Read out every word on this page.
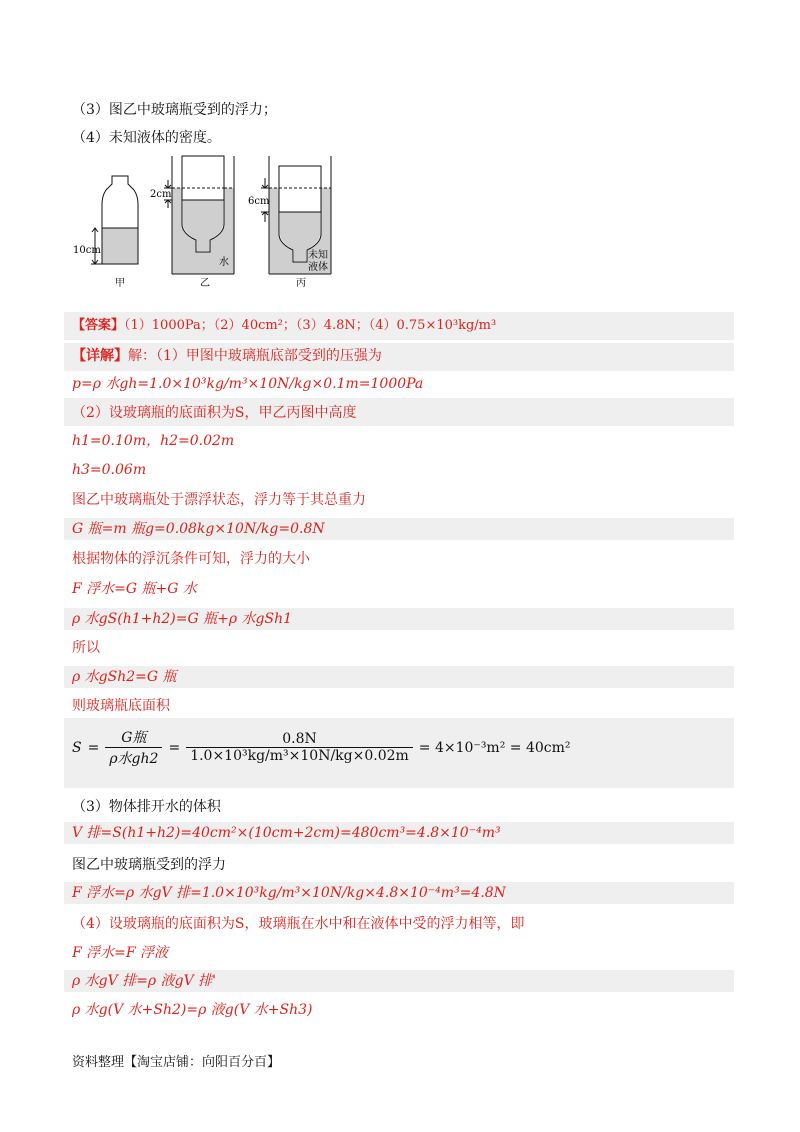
（3）图乙中玻璃瓶受到的浮力；
（4）未知液体的密度。
10cm
甲
2cm
水
乙
6cm
未知
液体
丙
【答案】（1）1000Pa；（2）40cm²；（3）4.8N；（4）0.75×10³kg/m³
【详解】解：（1）甲图中玻璃瓶底部受到的压强为
p=ρ 水gh=1.0×10³kg/m³×10N/kg×0.1m=1000Pa
（2）设玻璃瓶的底面积为S，甲乙丙图中高度
h1=0.10m，h2=0.02m
h3=0.06m
图乙中玻璃瓶处于漂浮状态，浮力等于其总重力
G 瓶=m 瓶g=0.08kg×10N/kg=0.8N
根据物体的浮沉条件可知，浮力的大小
F 浮水=G 瓶+G 水
ρ 水gS(h1+h2)=G 瓶+ρ 水gSh1
所以
ρ 水gSh2=G 瓶
则玻璃瓶底面积
$S = \frac{\text{G瓶}}{\text{ρ水gh2}} = \frac{0.8N}{\text{1.0×10³kg/m³×10N/kg×0.02m}} = 4\times 10^{-3}m^2 = 40cm^2$
（3）物体排开水的体积
V 排=S(h1+h2)=40cm²×(10cm+2cm)=480cm³=4.8×10⁻⁴m³
图乙中玻璃瓶受到的浮力
F 浮水=ρ 水gV 排=1.0×10³kg/m³×10N/kg×4.8×10⁻⁴m³=4.8N
（4）设玻璃瓶的底面积为S，玻璃瓶在水中和在液体中受的浮力相等，即
F 浮水=F 浮液
ρ 水gV 排=ρ 液gV 排'
ρ 水g(V 水+Sh2)=ρ 液g(V 水+Sh3)
资料整理【淘宝店铺：向阳百分百】
